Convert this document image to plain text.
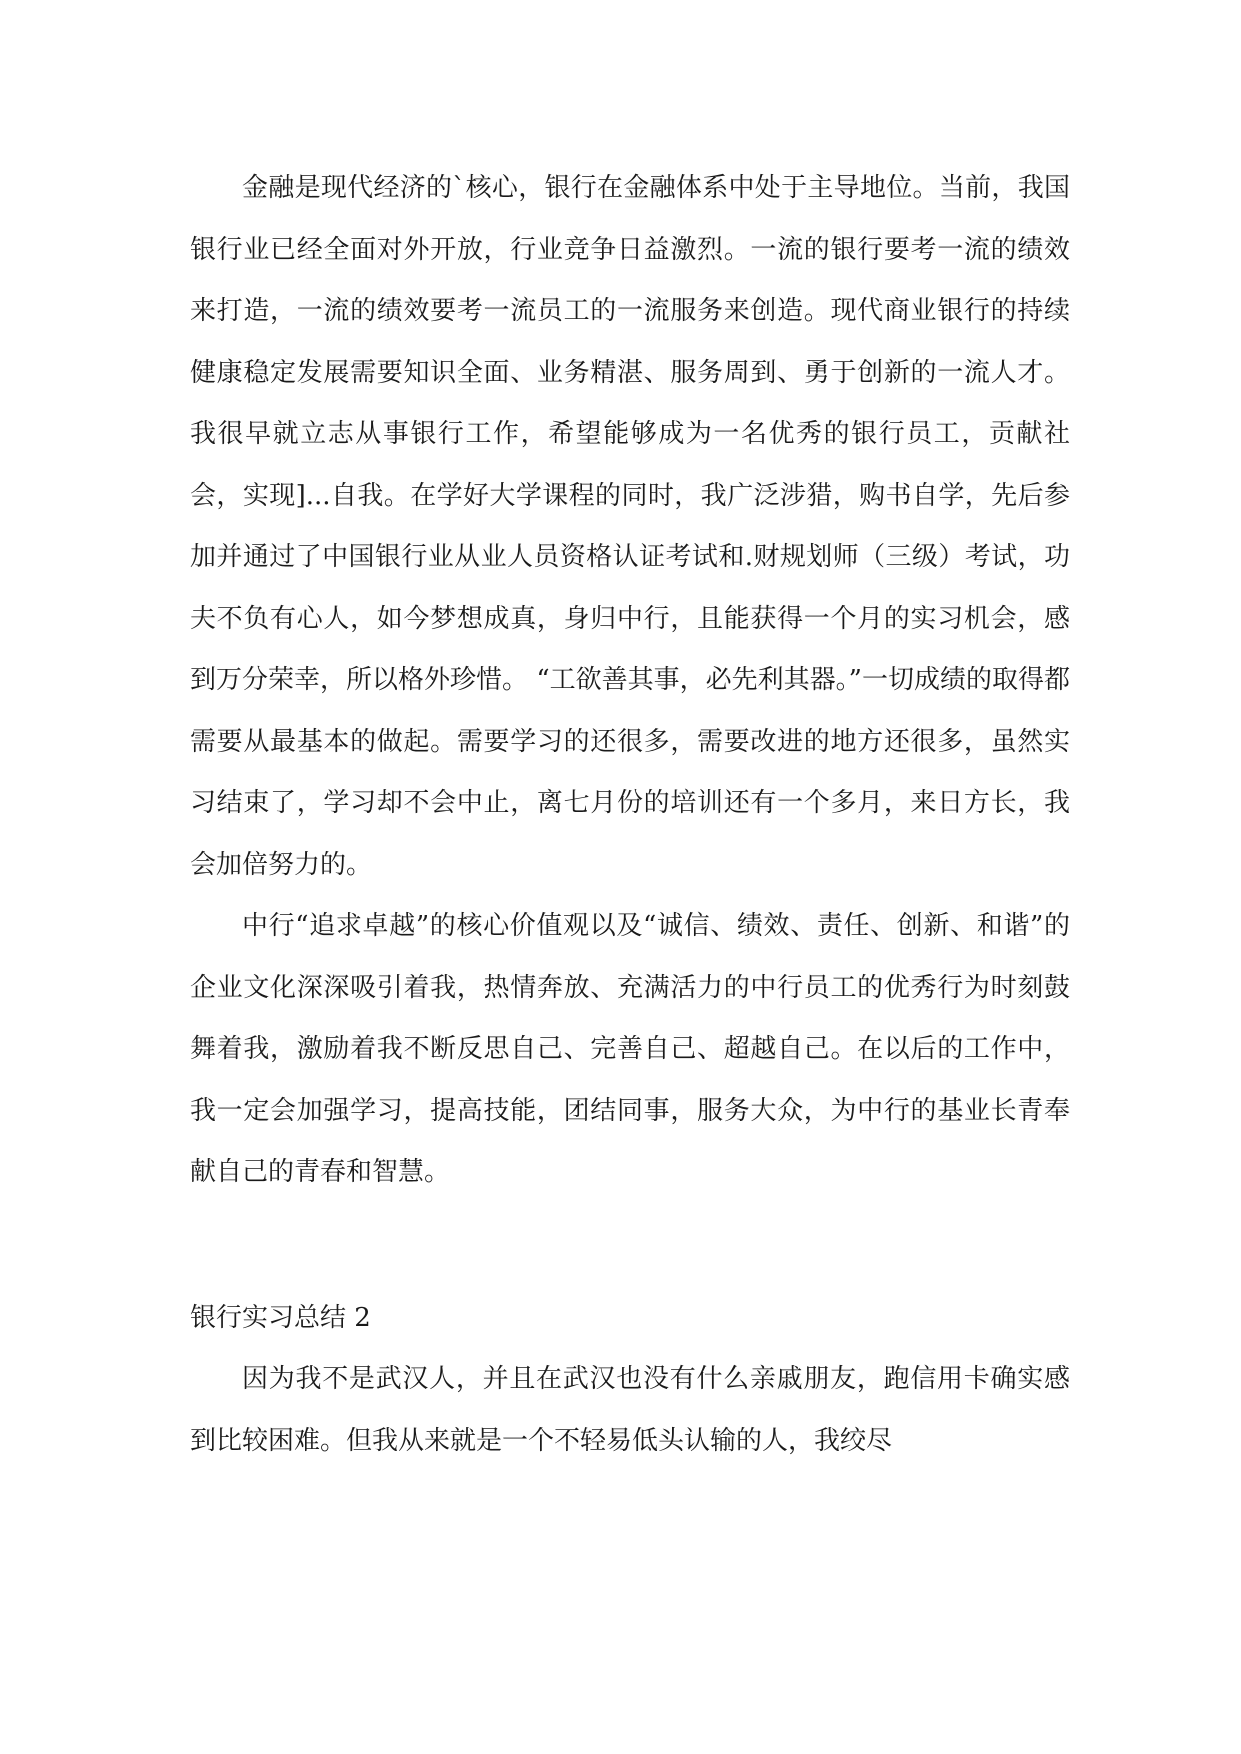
金融是现代经济的`核心，银行在金融体系中处于主导地位。当前，我国银行业已经全面对外开放，行业竞争日益激烈。一流的银行要考一流的绩效来打造，一流的绩效要考一流员工的一流服务来创造。现代商业银行的持续健康稳定发展需要知识全面、业务精湛、服务周到、勇于创新的一流人才。我很早就立志从事银行工作，希望能够成为一名优秀的银行员工，贡献社会，实现]...自我。在学好大学课程的同时，我广泛涉猎，购书自学，先后参加并通过了中国银行业从业人员资格认证考试和.财规划师（三级）考试，功夫不负有心人，如今梦想成真，身归中行，且能获得一个月的实习机会，感到万分荣幸，所以格外珍惜。 “工欲善其事，必先利其器。”一切成绩的取得都需要从最基本的做起。需要学习的还很多，需要改进的地方还很多，虽然实习结束了，学习却不会中止，离七月份的培训还有一个多月，来日方长，我会加倍努力的。

中行“追求卓越”的核心价值观以及“诚信、绩效、责任、创新、和谐”的企业文化深深吸引着我，热情奔放、充满活力的中行员工的优秀行为时刻鼓舞着我，激励着我不断反思自己、完善自己、超越自己。在以后的工作中，我一定会加强学习，提高技能，团结同事，服务大众，为中行的基业长青奉献自己的青春和智慧。

银行实习总结 2

因为我不是武汉人，并且在武汉也没有什么亲戚朋友，跑信用卡确实感到比较困难。但我从来就是一个不轻易低头认输的人，我绞尽
